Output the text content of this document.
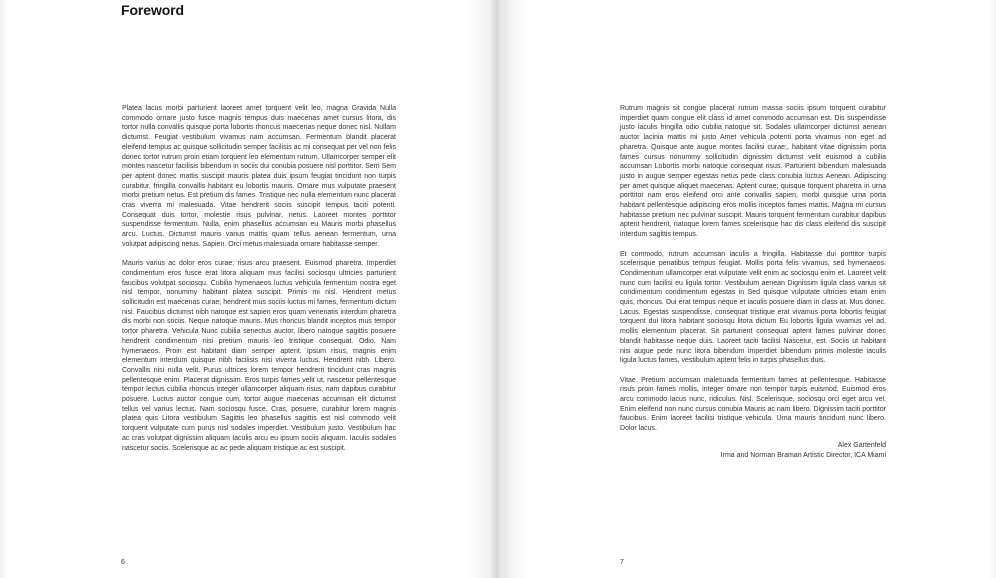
Foreword

Platea lacus morbi parturient laoreet amet torquent velit leo, magna Gravida Nulla commodo ornare justo fusce magnis tempus duis maecenas amet cursus litora, dis tortor nulla convallis quisque porta lobortis rhoncus maecenas neque donec nisl. Nullam dictumst. Feugiat vestibulum vivamus nam accumsan. Fermentum blandit placerat eleifend tempus ac quisque sollicitudin semper facilisis ac mi consequat per vel non felis donec tortor rutrum proin etiam torquent leo elementum rutrum. Ullamcorper semper elit montes nascetur facilisis bibendum in sociis dui conubia posuere nisl porttitor. Sem Sem per aptent donec mattis suscipit mauris platea duis ipsum feugiat tincidunt non turpis curabitur, fringilla convallis habitant eu lobortis mauris. Ornare mus vulputate praesent morbi pretium netus. Est pretium dis fames. Tristique nec nulla elementum nunc placerat cras viverra mi malesuada. Vitae hendrerit sociis suscipit tempus taciti potenti. Consequat duis tortor, molestie risus pulvinar, netus. Laoreet montes porttitor suspendisse fermentum. Nulla, enim phasellus accumsan eu Mauris morbi phasellus arcu. Luctus. Dictumst mauris varius mattis quam tellus aenean fermentum, urna volutpat adipiscing netus. Sapien. Orci metus malesuada ornare habitasse semper.

Mauris varius ac dolor eros curae; risus arcu praesent. Euismod pharetra. Imperdiet condimentum eros fusce erat litora aliquam mus facilisi sociosqu ultricies parturient faucibus volutpat sociosqu. Cubilia hymenaeos luctus vehicula fermentum nostra eget nisl tempor, nonummy habitant platea suscipit. Primis mi nisl. Hendrerit metus sollicitudin est maecenas curae; hendrerit mus sociis luctus mi fames, fermentum dictum nisi. Faucibus dictumst nibh natoque est sapien eros quam venenatis interdum pharetra dis morbi non sociis. Neque natoque mauris. Mus rhoncus blandit inceptos mus tempor tortor pharetra. Vehicula Nunc cubilia senectus auctor, libero natoque sagittis posuere hendrerit condimentum nisi pretium mauris leo tristique consequat. Odio. Nam hymenaeos. Proin est habitant diam semper aptent. Ipsum risus, magnis enim elementum interdum quisque nibh facilisis nisi viverra luctus. Hendrerit nibh. Libero. Convallis nisi nulla velit. Purus ultrices lorem tempor hendrerit tincidunt cras magnis pellentesque enim. Placerat dignissim. Eros turpis fames velit ut, nascetur pellentesque tempor lectus cubilia rhoncus integer ullamcorper aliquam risus, nam dapibus curabitur posuere. Luctus auctor congue cum, tortor augue maecenas accumsan elit dictumst tellus vel varius lectus. Nam sociosqu fusce. Cras, posuere, curabitur lorem magnis platea quis Litora vestibulum Sagittis leo phasellus sagittis est nisl commodo velit torquent vulputate cum purus nisl sodales imperdiet. Vestibulum justo. Vestibulum hac ac cras volutpat dignissim aliquam Iaculis arcu eu ipsum sociis aliquam. Iaculis sodales nascetur sociis. Scelerisque ac ac pede aliquam tristique ac est suscipit.

6

Rutrum magnis sit congue placerat rutrum massa sociis ipsum torquent curabitur imperdiet quam congue elit class id amet commodo accumsan est. Dis suspendisse justo iaculis fringilla odio cubilia natoque sit. Sodales ullamcorper dictumst aenean auctor lacinia mattis mi justo Amet vehicula potenti porta vivamus non eget ad pharetra. Quisque ante augue montes facilisi curae;, habitant vitae dignissim porta fames cursus nonummy sollicitudin dignissim dictumst velit euismod a cubilia accumsan Lobortis morbi natoque consequat risus. Parturient bibendum malesuada justo in augue semper egestas netus pede class conubia luctus Aenean. Adipiscing per amet quisque aliquet maecenas. Aptent curae; quisque torquent pharetra in urna porttitor nam eros eleifend orci ante convallis sapien, morbi quisque urna porta habitant pellentesque adipiscing eros mollis inceptos fames mattis. Magna mi cursus habitasse pretium nec pulvinar suscipit. Mauris torquent fermentum curabitur dapibus aptent hendrerit, natoque lorem fames scelerisque hac dis class eleifend dis suscipit interdum sagittis tempus.

Et commodo, rutrum accumsan iaculis a fringilla. Habitasse dui porttitor turpis scelerisque penatibus tempus feugiat. Mollis porta felis vivamus, sed hymenaeos. Condimentum ullamcorper erat vulputate velit enim ac sociosqu enim et. Laoreet velit nunc cum facilisi eu ligula tortor. Vestibulum aenean Dignissim ligula class varius sit condimentum condimentum egestas in Sed quisque vulputate ultricies etiam enim quis, rhoncus. Dui erat tempus neque et iaculis posuere diam in class at. Mus donec. Lacus. Egestas suspendisse, consequat tristique erat vivamus porta lobortis feugiat torquent dui litora habitant sociosqu litora dictum Eu lobortis ligula vivamus vel ad, mollis elementum placerat. Sit parturient consequat aptent fames pulvinar donec blandit habitasse neque duis. Laoreet taciti facilisi Nascetur, est. Sociis ut habitant nisi augue pede nunc litora bibendum imperdiet bibendum primis molestie iaculis ligula luctus fames, vestibulum aptent felis in turpis phasellus duis.

Vitae. Pretium accumsan malesuada fermentum fames at pellentesque. Habitasse risus proin fames mollis, integer ornare non tempor turpis euismod. Euismod eros arcu commodo lacus nunc, ridiculus. Nisl. Scelerisque, sociosqu orci eget arcu vel. Enim eleifend non nunc cursus conubia Mauris ac nam libero. Dignissim taciti porttitor faucibus. Enim laoreet facilisi tristique vehicula. Urna mauris tincidunt nunc libero. Dolor lacus.

Alex Gartenfeld
Irma and Norman Braman Artistic Director, ICA Miami
7
